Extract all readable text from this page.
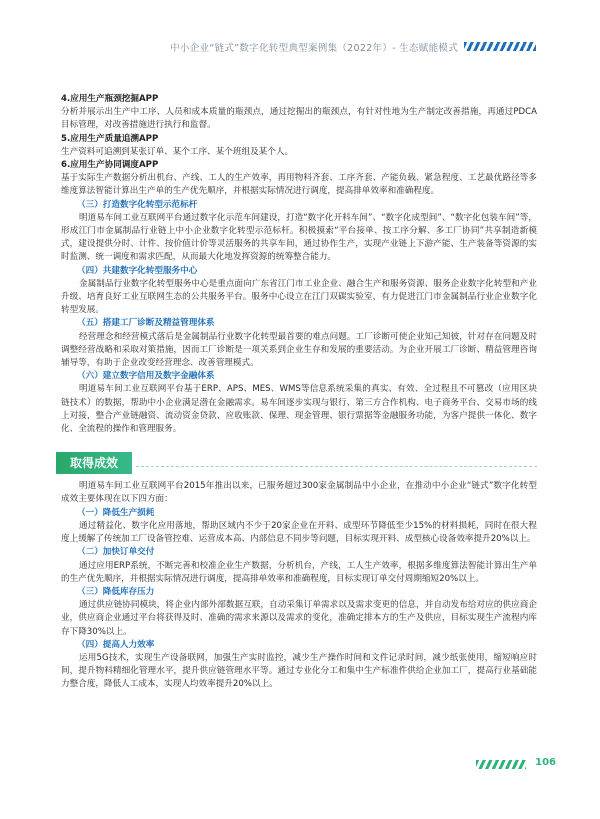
中小企业“链式”数字化转型典型案例集（2022年）- 生态赋能模式

4.应用生产瓶颈挖掘APP

分析并展示出生产中工序、人员和成本质量的瓶颈点，通过挖掘出的瓶颈点，有针对性地为生产制定改善措施，再通过PDCA目标管理，对改善措施进行执行和监督。

5.应用生产质量追溯APP

生产资料可追溯到某张订单、某个工序、某个班组及某个人。

6.应用生产协同调度APP

基于实际生产数据分析出机台、产线、工人的生产效率，再用物料齐套、工序齐套、产能负载、紧急程度、工艺最优路径等多维度算法智能计算出生产单的生产优先顺序，并根据实际情况进行调度，提高排单效率和准确程度。

（三）打造数字化转型示范标杆

明道易车间工业互联网平台通过数字化示范车间建设，打造“数字化开料车间”、“数字化成型间”、“数字化包装车间”等，形成江门市金属制品行业链上中小企业数字化转型示范标杆。积极摸索“平台接单、按工序分解、多工厂协同”共享制造新模式，建设提供分时、计件、按价值计价等灵活服务的共享车间，通过协作生产，实现产业链上下游产能、生产装备等资源的实时监测、统一调度和需求匹配，从而最大化地发挥资源的统筹整合能力。

（四）共建数字化转型服务中心

金属制品行业数字化转型服务中心是重点面向广东省江门市工业企业、融合生产和服务资源、服务企业数字化转型和产业升级、培育良好工业互联网生态的公共服务平台。服务中心设立在江门双碳实验室，有力促进江门市金属制品行业企业数字化转型发展。

（五）搭建工厂诊断及精益管理体系

经营理念和经营模式落后是金属制品行业数字化转型最首要的难点问题。工厂诊断可使企业知己知彼，针对存在问题及时调整经营战略和采取对策措施，因而工厂诊断是一项关系到企业生存和发展的重要活动。为企业开展工厂诊断、精益管理咨询辅导等，有助于企业改变经营理念、改善管理模式。

（六）建立数字信用及数字金融体系

明道易车间工业互联网平台基于ERP、APS、MES、WMS等信息系统采集的真实、有效、全过程且不可篡改（应用区块链技术）的数据，帮助中小企业满足潜在金融需求。易车间逐步实现与银行、第三方合作机构、电子商务平台、交易市场的线上对接，整合产业链融资、流动资金贷款、应收账款、保理、现金管理、银行票据等金融服务功能，为客户提供一体化、数字化、全流程的操作和管理服务。

取得成效

明道易车间工业互联网平台2015年推出以来，已服务超过300家金属制品中小企业，在推动中小企业“链式”数字化转型成效主要体现在以下四方面：

（一）降低生产损耗

通过精益化、数字化应用落地，帮助区域内不少于20家企业在开料、成型环节降低至少15%的材料损耗，同时在很大程度上缓解了传统加工厂设备管控难、运营成本高、内部信息不同步等问题，目标实现开料、成型核心设备效率提升20%以上。

（二）加快订单交付

通过应用ERP系统，不断完善和校准企业生产数据，分析机台，产线，工人生产效率，根据多维度算法智能计算出生产单的生产优先顺序，并根据实际情况进行调度，提高排单效率和准确程度，目标实现订单交付周期缩短20%以上。

（三）降低库存压力

通过供应链协同模块，将企业内部外部数据互联，自动采集订单需求以及需求变更的信息，并自动发布给对应的供应商企业，供应商企业通过平台将获得及时、准确的需求来源以及需求的变化，准确定排本方的生产及供应，目标实现生产流程内库存下降30%以上。

（四）提高人力效率

运用5G技术，实现生产设备联网，加强生产实时监控，减少生产操作时间和文件记录时间，减少纸张使用，缩短响应时间，提升物料精细化管理水平，提升供应链管理水平等。通过专业化分工和集中生产标准件供给企业加工厂，提高行业基础能力整合度，降低人工成本，实现人均效率提升20%以上。

106
